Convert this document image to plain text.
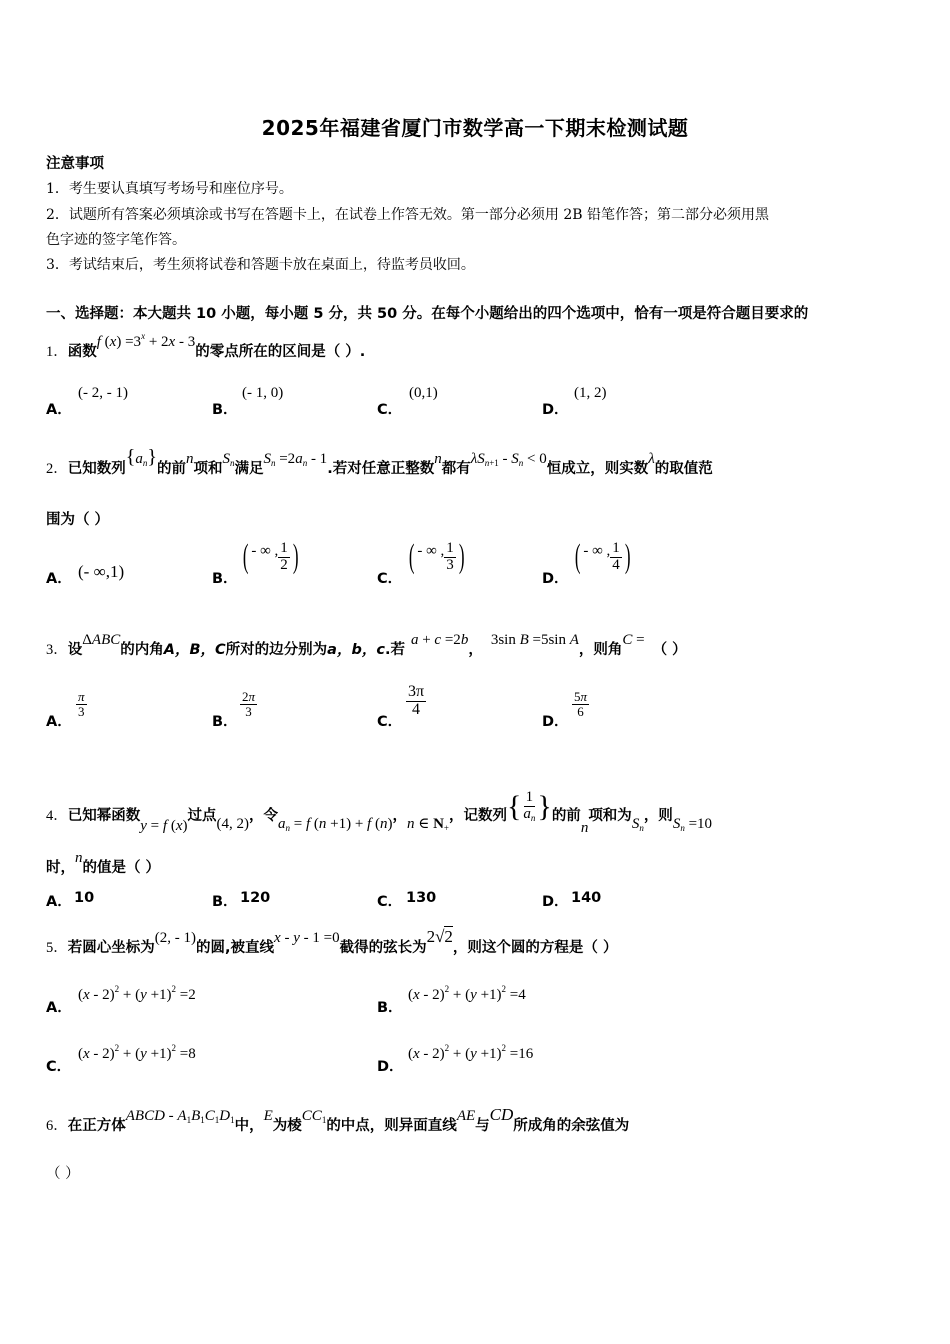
2025年福建省厦门市数学高一下期末检测试题
注意事项
1．考生要认真填写考场号和座位序号。
2．试题所有答案必须填涂或书写在答题卡上，在试卷上作答无效。第一部分必须用 2B 铅笔作答；第二部分必须用黑
色字迹的签字笔作答。
3．考试结束后，考生须将试卷和答题卡放在桌面上，待监考员收回。
一、选择题：本大题共 10 小题，每小题 5 分，共 50 分。在每个小题给出的四个选项中，恰有一项是符合题目要求的
1．函数f $(x) =3^x + 2x - 3$的零点所在的区间是（ ）.
A．
(- 2, - 1)
B．
(- 1, 0)
C．
(0,1)
D．
(1, 2)
2．已知数列$\{a_n\}$的前n项和$S_n$满足$S_n =2a_n - 1$.若对任意正整数n都有$\lambda S_{n+1} - S_n < 0$恒成立，则实数λ的取值范
围为（ ）
A． (- ∞,1)	B．
( - ∞ , $\frac{1}{2}$ )
C．
( - ∞ , $\frac{1}{3}$ )
D．
( - ∞ , $\frac{1}{4}$ )
3．设ΔABC的内角A，B，C所对的边分别为a，b，c.若a + c =2b，3sin B =5sin A，则角C =（ ）
A．
$\frac{\pi}{3}$
B．
$\frac{2\pi}{3}$
C．
$\frac{3\pi}{4}$
D．
$\frac{5\pi}{6}$
4．已知幂函数y = f (x)过点(4, 2)，令$a_n = f$ (n +1) + f (n)，n ∈ $N_+$，记数列{ $\frac{1}{a_n}$ }的前n项和为$S_n$，则$S_n =10$
时，n的值是（ ）
A． 10	B． 120	C． 130	D． 140
5．若圆心坐标为(2, - 1)的圆,被直线x - y - 1 =0截得的弦长为2√2，则这个圆的方程是（ ）
A．
$(x - 2)^2 + (y +1)^2 =2$
B．
$(x - 2)^2 + (y +1)^2 =4$
C．
$(x - 2)^2 + (y +1)^2 =8$
D．
$(x - 2)^2 + (y +1)^2 =16$
6．在正方体ABCD - $A_1B_1C_1D_1$中，E为棱$CC_1$的中点，则异面直线AE与CD所成角的余弦值为
（ ）
